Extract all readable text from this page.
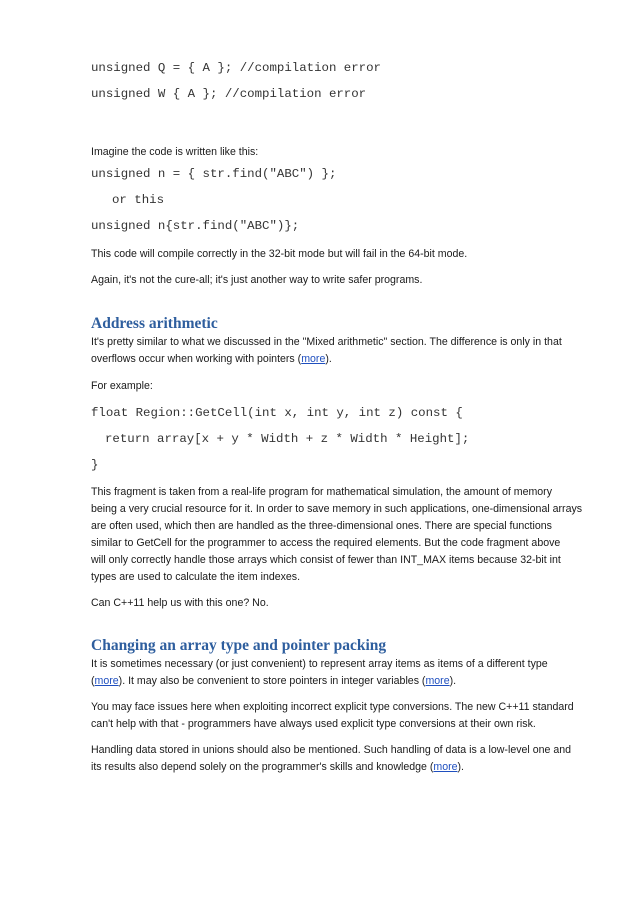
unsigned Q = { A }; //compilation error
unsigned W { A }; //compilation error
Imagine the code is written like this:
unsigned n = { str.find("ABC") };
or this
unsigned n{str.find("ABC")};
This code will compile correctly in the 32-bit mode but will fail in the 64-bit mode.
Again, it's not the cure-all; it's just another way to write safer programs.
Address arithmetic
It's pretty similar to what we discussed in the "Mixed arithmetic" section. The difference is only in that
overflows occur when working with pointers (more).
For example:
float Region::GetCell(int x, int y, int z) const {
return array[x + y * Width + z * Width * Height];
}
This fragment is taken from a real-life program for mathematical simulation, the amount of memory
being a very crucial resource for it. In order to save memory in such applications, one-dimensional arrays
are often used, which then are handled as the three-dimensional ones. There are special functions
similar to GetCell for the programmer to access the required elements. But the code fragment above
will only correctly handle those arrays which consist of fewer than INT_MAX items because 32-bit int
types are used to calculate the item indexes.
Can C++11 help us with this one? No.
Changing an array type and pointer packing
It is sometimes necessary (or just convenient) to represent array items as items of a different type
(more). It may also be convenient to store pointers in integer variables (more).
You may face issues here when exploiting incorrect explicit type conversions. The new C++11 standard
can't help with that - programmers have always used explicit type conversions at their own risk.
Handling data stored in unions should also be mentioned. Such handling of data is a low-level one and
its results also depend solely on the programmer's skills and knowledge (more).
